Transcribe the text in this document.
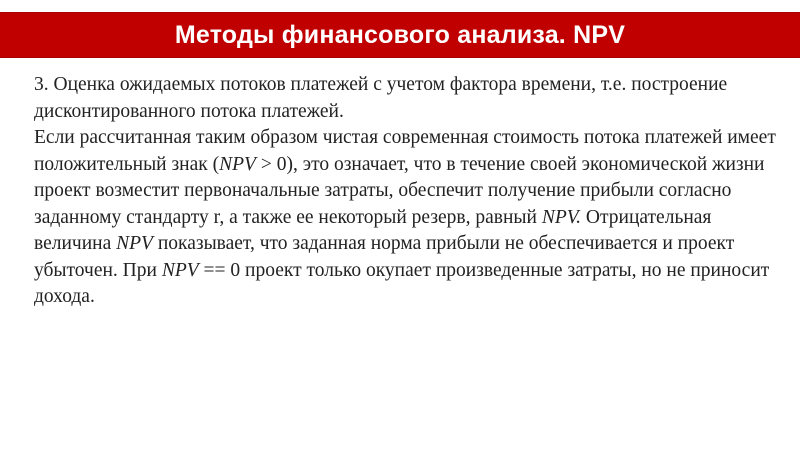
Методы финансового анализа. NPV

3. Оценка ожидаемых потоков платежей с учетом фактора времени, т.е. построение дисконтированного потока платежей.

Если рассчитанная таким образом чистая современная стоимость потока платежей имеет положительный знак (NPV > 0), это означает, что в течение своей экономической жизни проект возместит первоначальные затраты, обеспечит получение прибыли согласно заданному стандарту r, а также ее некоторый резерв, равный NPV. Отрицательная величина NPV показывает, что заданная норма прибыли не обеспечивается и проект убыточен. При NPV == 0 проект только окупает произведенные затраты, но не приносит дохода.
